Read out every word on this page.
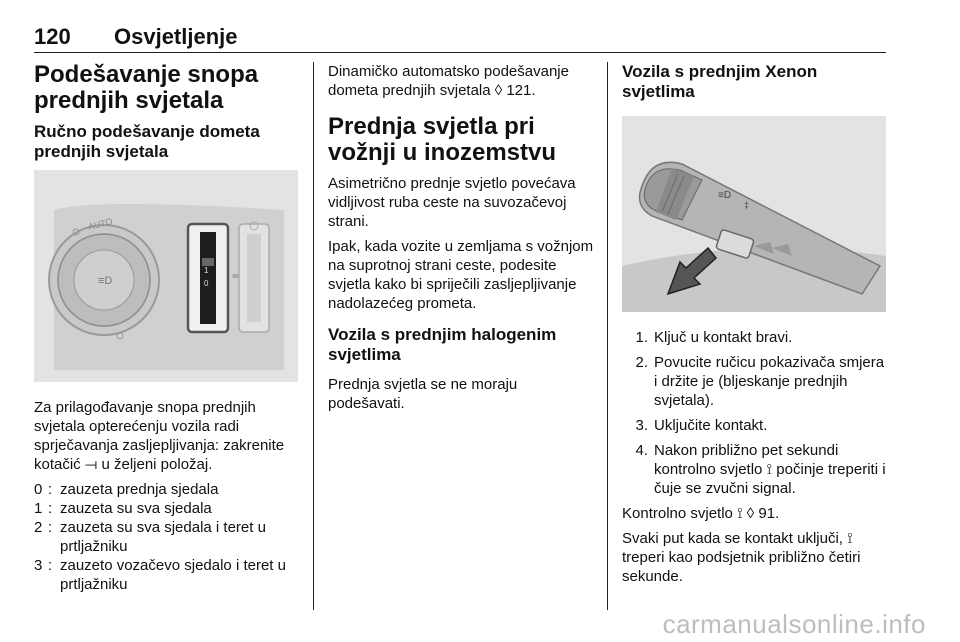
120 Osvjetljenje
Podešavanje snopa prednjih svjetala
Ručno podešavanje dometa prednjih svjetala
≡D
AUTO
1
0

Za prilagođavanje snopa prednjih svjetala opterećenju vozila radi sprječavanja zasljepljivanja: zakrenite kotačić ⟞ u željeni položaj.

0 : zauzeta prednja sjedala
1 : zauzeta su sva sjedala
2 : zauzeta su sva sjedala i teret u prtljažniku
3 : zauzeto vozačevo sjedalo i teret u prtljažniku

Dinamičko automatsko podešavanje dometa prednjih svjetala ◊ 121.

Prednja svjetla pri vožnji u inozemstvu

Asimetrično prednje svjetlo povećava vidljivost ruba ceste na suvozačevoj strani.

Ipak, kada vozite u zemljama s vožnjom na suprotnoj strani ceste, podesite svjetla kako bi spriječili zasljepljivanje nadolazećeg prometa.

Vozila s prednjim halogenim svjetlima

Prednja svjetla se ne moraju podešavati.

Vozila s prednjim Xenon svjetlima
≡D
‡
1. Ključ u kontakt bravi.
2. Povucite ručicu pokazivača smjera i držite je (bljeskanje prednjih svjetala).
3. Uključite kontakt.
4. Nakon približno pet sekundi kontrolno svjetlo ⟟ počinje treperiti i čuje se zvučni signal.

Kontrolno svjetlo ⟟ ◊ 91.

Svaki put kada se kontakt uključi, ⟟ treperi kao podsjetnik približno četiri sekunde.

carmanualsonline.info
